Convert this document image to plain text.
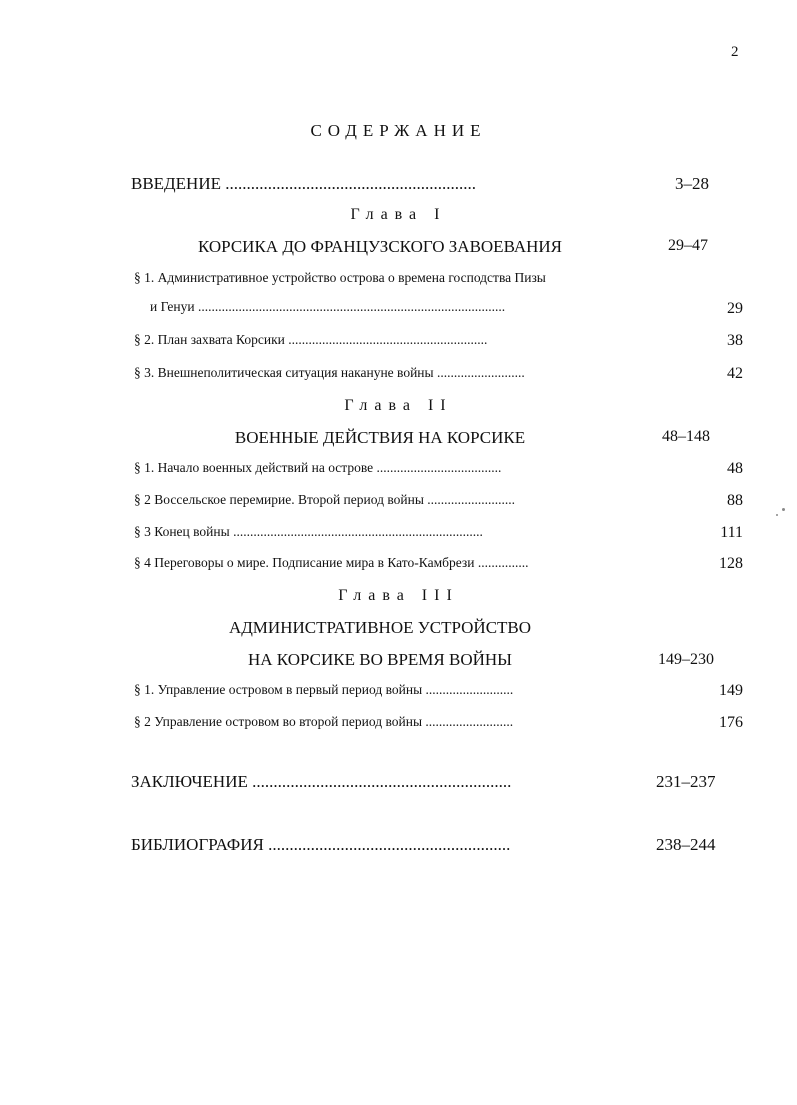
2
СОДЕРЖАНИЕ
ВВЕДЕНИЕ ...........................................................	3–28
Глава I
КОРСИКА ДО ФРАНЦУЗСКОГО ЗАВОЕВАНИЯ	29–47
§ 1. Административное устройство острова о времена господства Пизы
и Генуи ...........................................................................................	29
§ 2. План захвата Корсики ...........................................................	38
§ 3. Внешнеполитическая ситуация накануне войны ..........................	42
Глава II
ВОЕННЫЕ ДЕЙСТВИЯ НА КОРСИКЕ	48–148
§ 1. Начало военных действий на острове .....................................	48
§ 2 Воссельское перемирие. Второй период войны ..........................	88
§ 3 Конец войны ..........................................................................	111
§ 4 Переговоры о мире. Подписание мира в Като-Камбрези ...............	128
Глава III
АДМИНИСТРАТИВНОЕ УСТРОЙСТВО
НА КОРСИКЕ ВО ВРЕМЯ ВОЙНЫ	149–230
§ 1. Управление островом в первый период войны ..........................	149
§ 2 Управление островом во второй период войны ..........................	176
ЗАКЛЮЧЕНИЕ .............................................................	231–237
БИБЛИОГРАФИЯ .........................................................	238–244
